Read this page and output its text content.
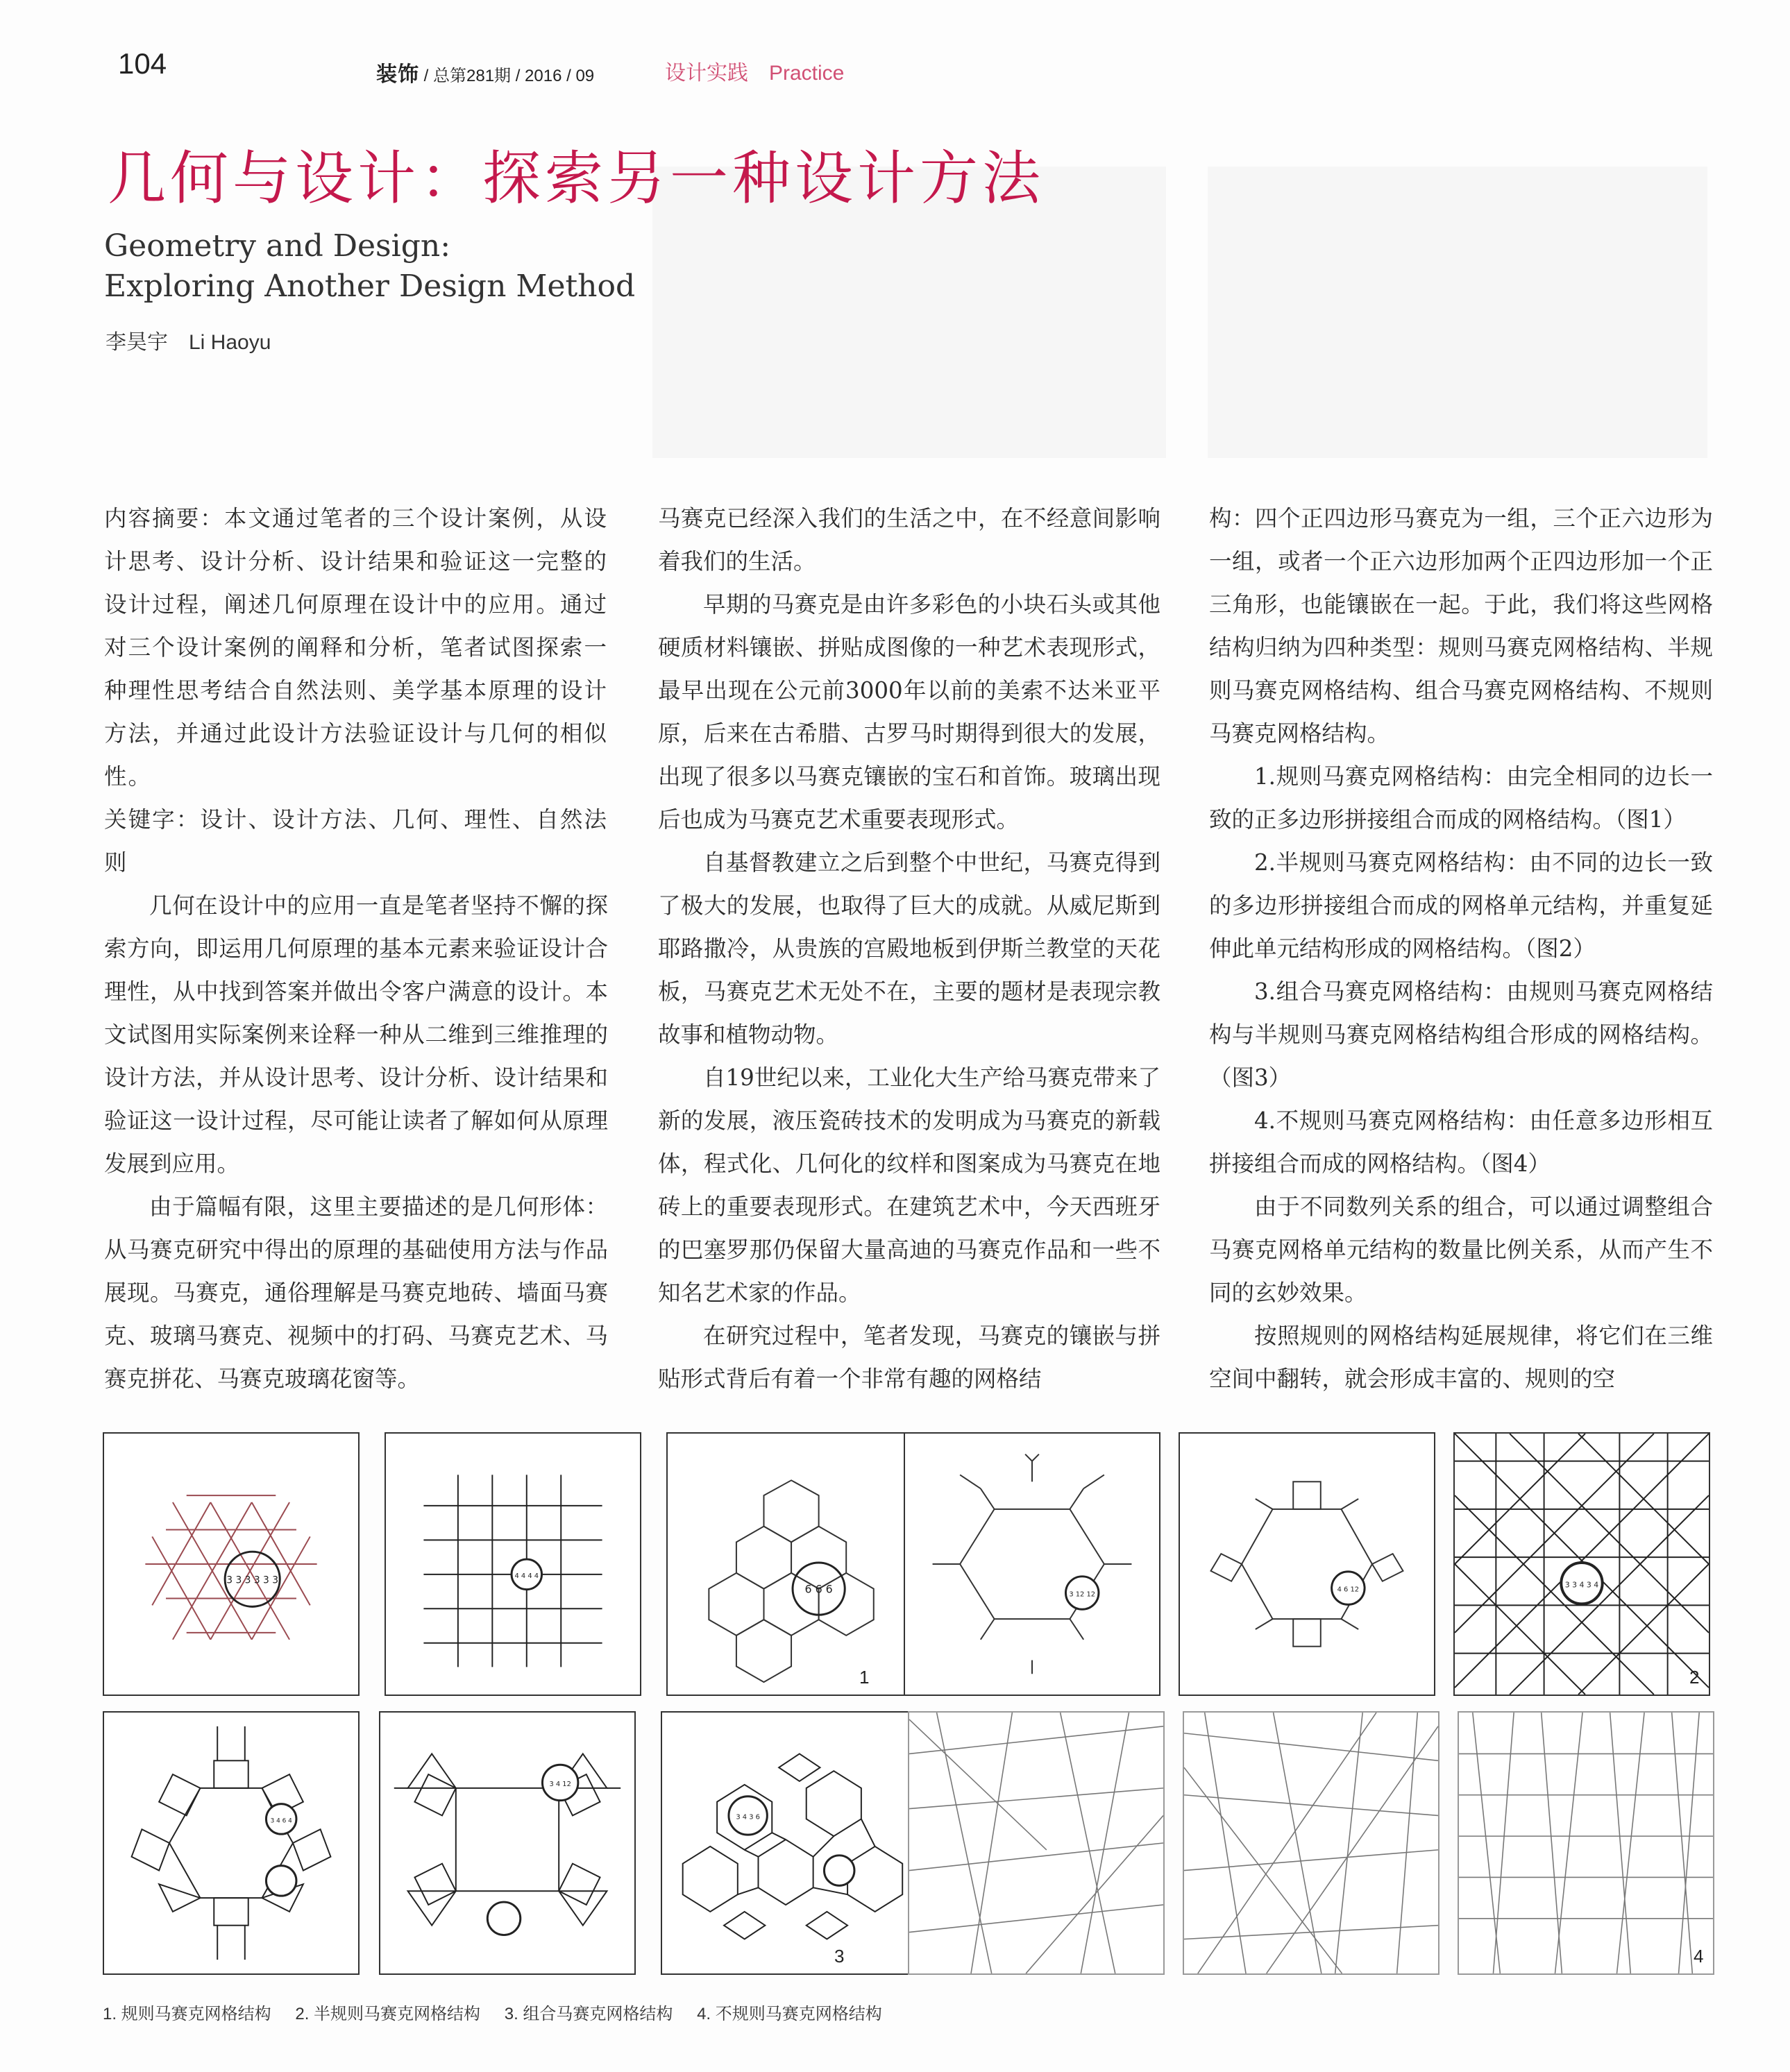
104	装饰 / 总第281期 / 2016 / 09	设计实践 Practice
几何与设计：探索另一种设计方法
Geometry and Design:
Exploring Another Design Method
李昊宇 Li Haoyu

内容摘要：本文通过笔者的三个设计案例，从设计思考、设计分析、设计结果和验证这一完整的设计过程，阐述几何原理在设计中的应用。通过对三个设计案例的阐释和分析，笔者试图探索一种理性思考结合自然法则、美学基本原理的设计方法，并通过此设计方法验证设计与几何的相似性。

关键字：设计、设计方法、几何、理性、自然法则

几何在设计中的应用一直是笔者坚持不懈的探索方向，即运用几何原理的基本元素来验证设计合理性，从中找到答案并做出令客户满意的设计。本文试图用实际案例来诠释一种从二维到三维推理的设计方法，并从设计思考、设计分析、设计结果和验证这一设计过程，尽可能让读者了解如何从原理发展到应用。

由于篇幅有限，这里主要描述的是几何形体：从马赛克研究中得出的原理的基础使用方法与作品展现。马赛克，通俗理解是马赛克地砖、墙面马赛克、玻璃马赛克、视频中的打码、马赛克艺术、马赛克拼花、马赛克玻璃花窗等。

马赛克已经深入我们的生活之中，在不经意间影响着我们的生活。

早期的马赛克是由许多彩色的小块石头或其他硬质材料镶嵌、拼贴成图像的一种艺术表现形式，最早出现在公元前3000年以前的美索不达米亚平原，后来在古希腊、古罗马时期得到很大的发展，出现了很多以马赛克镶嵌的宝石和首饰。玻璃出现后也成为马赛克艺术重要表现形式。

自基督教建立之后到整个中世纪，马赛克得到了极大的发展，也取得了巨大的成就。从威尼斯到耶路撒冷，从贵族的宫殿地板到伊斯兰教堂的天花板，马赛克艺术无处不在，主要的题材是表现宗教故事和植物动物。

自19世纪以来，工业化大生产给马赛克带来了新的发展，液压瓷砖技术的发明成为马赛克的新载体，程式化、几何化的纹样和图案成为马赛克在地砖上的重要表现形式。在建筑艺术中，今天西班牙的巴塞罗那仍保留大量高迪的马赛克作品和一些不知名艺术家的作品。

在研究过程中，笔者发现，马赛克的镶嵌与拼贴形式背后有着一个非常有趣的网格结

构：四个正四边形马赛克为一组，三个正六边形为一组，或者一个正六边形加两个正四边形加一个正三角形，也能镶嵌在一起。于此，我们将这些网格结构归纳为四种类型：规则马赛克网格结构、半规则马赛克网格结构、组合马赛克网格结构、不规则马赛克网格结构。

1.规则马赛克网格结构：由完全相同的边长一致的正多边形拼接组合而成的网格结构。（图1）

2.半规则马赛克网格结构：由不同的边长一致的多边形拼接组合而成的网格单元结构，并重复延伸此单元结构形成的网格结构。（图2）

3.组合马赛克网格结构：由规则马赛克网格结构与半规则马赛克网格结构组合形成的网格结构。（图3）

4.不规则马赛克网格结构：由任意多边形相互拼接组合而成的网格结构。（图4）

由于不同数列关系的组合，可以通过调整组合马赛克网格单元结构的数量比例关系，从而产生不同的玄妙效果。

按照规则的网格结构延展规律，将它们在三维空间中翻转，就会形成丰富的、规则的空

3 3 3 3 3 3	4 4 4 4
6 6 6	3 12 12
1
4 6 12
3 3 4 3 4
2
3 4 6 4
3 4 12
3 4 3 6
3	4
1. 规则马赛克网格结构 2. 半规则马赛克网格结构 3. 组合马赛克网格结构 4. 不规则马赛克网格结构
